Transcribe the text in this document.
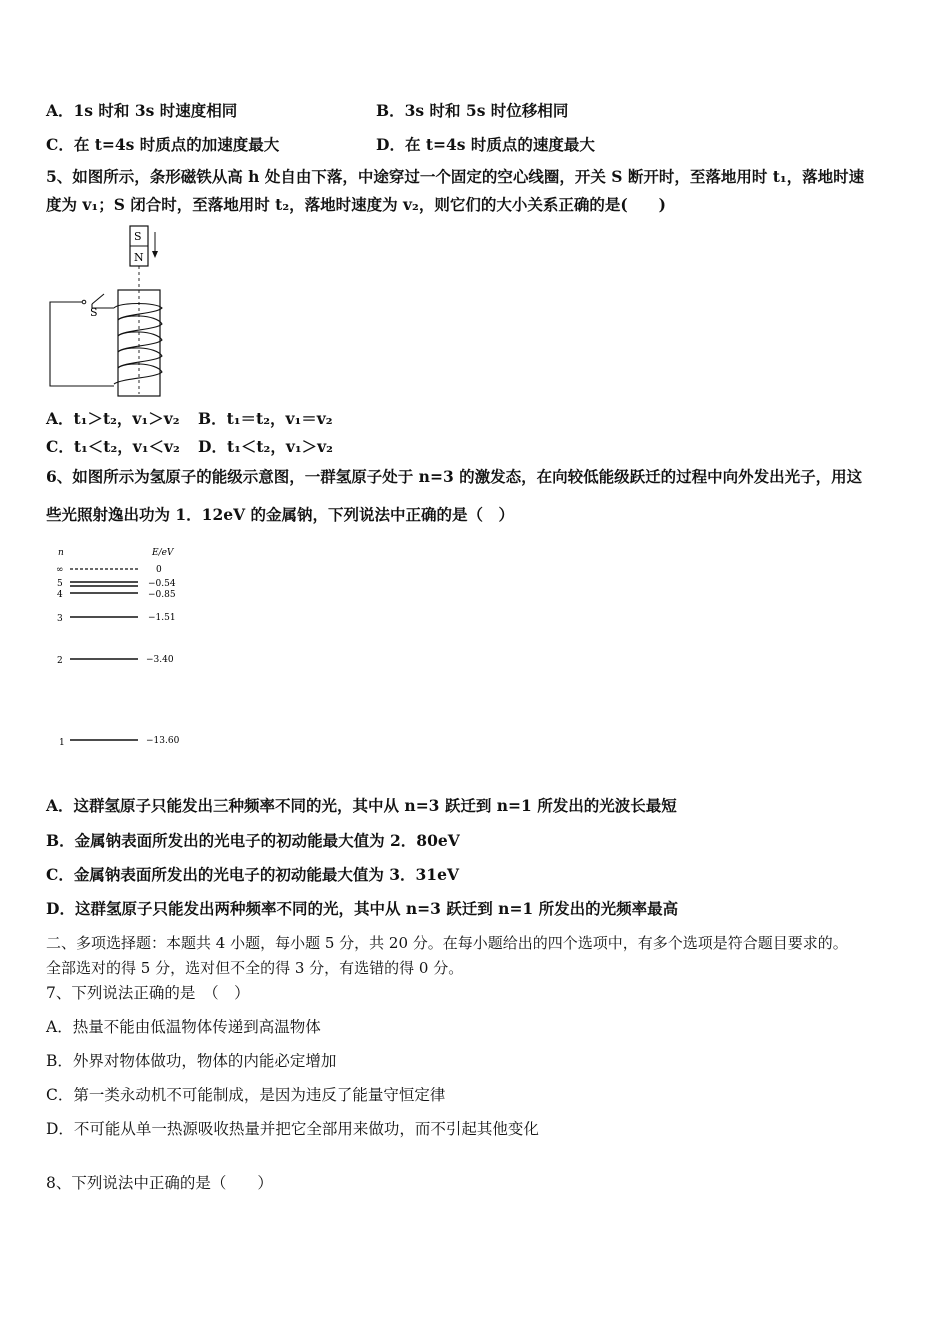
A．1s 时和 3s 时速度相同	B．3s 时和 5s 时位移相同
C．在 t=4s 时质点的加速度最大	D．在 t=4s 时质点的速度最大
5、如图所示，条形磁铁从高 h 处自由下落，中途穿过一个固定的空心线圈，开关 S 断开时，至落地用时 t₁，落地时速
度为 v₁；S 闭合时，至落地用时 t₂，落地时速度为 v₂，则它们的大小关系正确的是(　　)
S
N
S
A．t₁＞t₂，v₁＞v₂ B．t₁＝t₂，v₁＝v₂
C．t₁＜t₂，v₁＜v₂ D．t₁＜t₂，v₁＞v₂
6、如图所示为氢原子的能级示意图，一群氢原子处于 n=3 的激发态，在向较低能级跃迁的过程中向外发出光子，用这
些光照射逸出功为 1．12eV 的金属钠，下列说法中正确的是（　）
n	E/eV
∞	0
5	−0.54
4	−0.85
3	−1.51
2	−3.40
1	−13.60
A．这群氢原子只能发出三种频率不同的光，其中从 n=3 跃迁到 n=1 所发出的光波长最短
B．金属钠表面所发出的光电子的初动能最大值为 2．80eV
C．金属钠表面所发出的光电子的初动能最大值为 3．31eV
D．这群氢原子只能发出两种频率不同的光，其中从 n=3 跃迁到 n=1 所发出的光频率最高
二、多项选择题：本题共 4 小题，每小题 5 分，共 20 分。在每小题给出的四个选项中，有多个选项是符合题目要求的。
全部选对的得 5 分，选对但不全的得 3 分，有选错的得 0 分。
7、下列说法正确的是　（　）
A．热量不能由低温物体传递到高温物体
B．外界对物体做功，物体的内能必定增加
C．第一类永动机不可能制成，是因为违反了能量守恒定律
D．不可能从单一热源吸收热量并把它全部用来做功，而不引起其他变化
8、下列说法中正确的是（　　）
